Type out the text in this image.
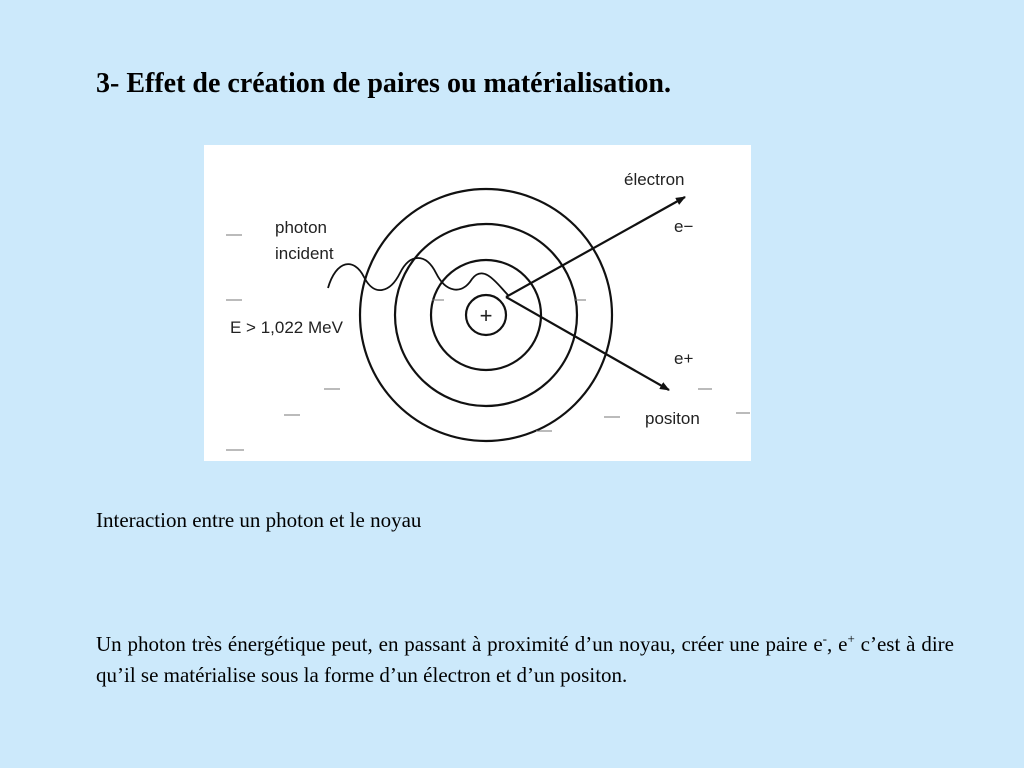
3- Effet de création de paires ou matérialisation.
+
photon
incident
E > 1,022 MeV
électron
e−
e+
positon

Interaction entre un photon et le noyau

Un photon très énergétique peut, en passant à proximité d’un noyau, créer une paire e-, e+ c’est à dire qu’il se matérialise sous la forme d’un électron et d’un positon.
